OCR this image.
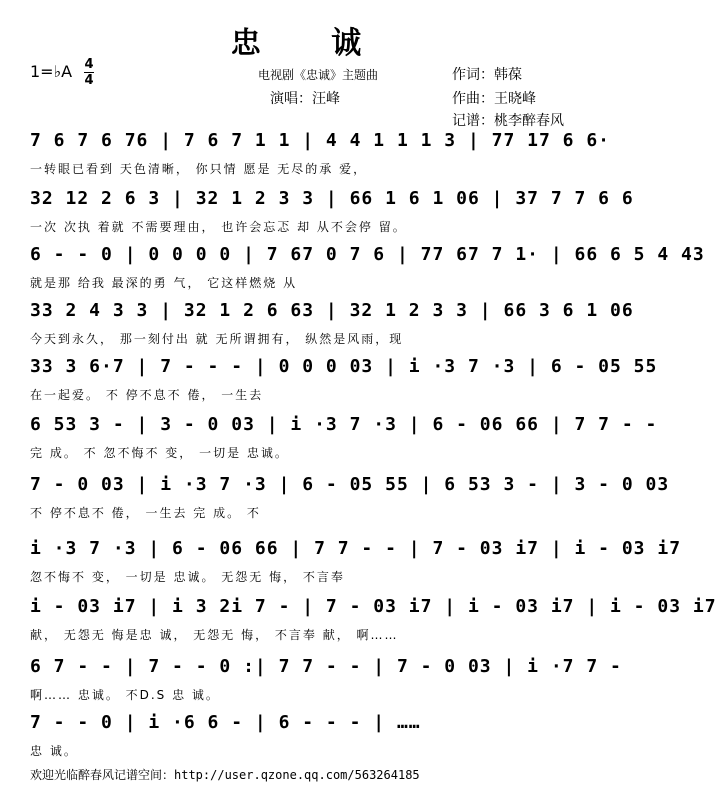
忠 诚
1=♭A 4
4	电视剧《忠诚》主题曲
演唱：汪峰
作词：韩葆
作曲：王晓峰
记谱：桃李醉春风
7 6 7 6 76 | 7 6 7 1 1 | 4 4 1 1 1 3 | 77 17 6 6·
一转眼已看到 天色清晰， 你只情 愿是 无尽的承 爱，
32 12 2 6 3 | 32 1 2 3 3 | 66 1 6 1 06 | 37 7 7 6 6
一次 次执 着就 不需要理由， 也许会忘忑 却 从不会停 留。
6 - - 0 | 0 0 0 0 | 7 67 0 7 6 | 77 67 7 1· | 66 6 5 4 43
就是那 给我 最深的勇 气， 它这样燃烧 从
33 2 4 3 3 | 32 1 2 6 63 | 32 1 2 3 3 | 66 3 6 1 06
今天到永久， 那一刻付出 就 无所谓拥有， 纵然是风雨，现
33 3 6·7 | 7 - - - | 0 0 0 03 | i ·3 7 ·3 | 6 - 05 55
在一起爱。 不 停不息不 倦， 一生去
6 53 3 - | 3 - 0 03 | i ·3 7 ·3 | 6 - 06 66 | 7 7 - -
完 成。 不 忽不悔不 变， 一切是 忠诚。
7 - 0 03 | i ·3 7 ·3 | 6 - 05 55 | 6 53 3 - | 3 - 0 03
不 停不息不 倦， 一生去 完 成。 不
i ·3 7 ·3 | 6 - 06 66 | 7 7 - - | 7 - 03 i7 | i - 03 i7
忽不悔不 变， 一切是 忠诚。 无怨无 悔， 不言奉
i - 03 i7 | i 3 2i 7 - | 7 - 03 i7 | i - 03 i7 | i - 03 i7
献， 无怨无 悔是忠 诚， 无怨无 悔， 不言奉 献， 啊……
6 7 - - | 7 - - 0 :| 7 7 - - | 7 - 0 03 | i ·7 7 -
啊…… 忠诚。 不D.S 忠 诚。
7 - - 0 | i ·6 6 - | 6 - - - | ……
忠 诚。
欢迎光临醉春风记谱空间：http://user.qzone.qq.com/563264185
